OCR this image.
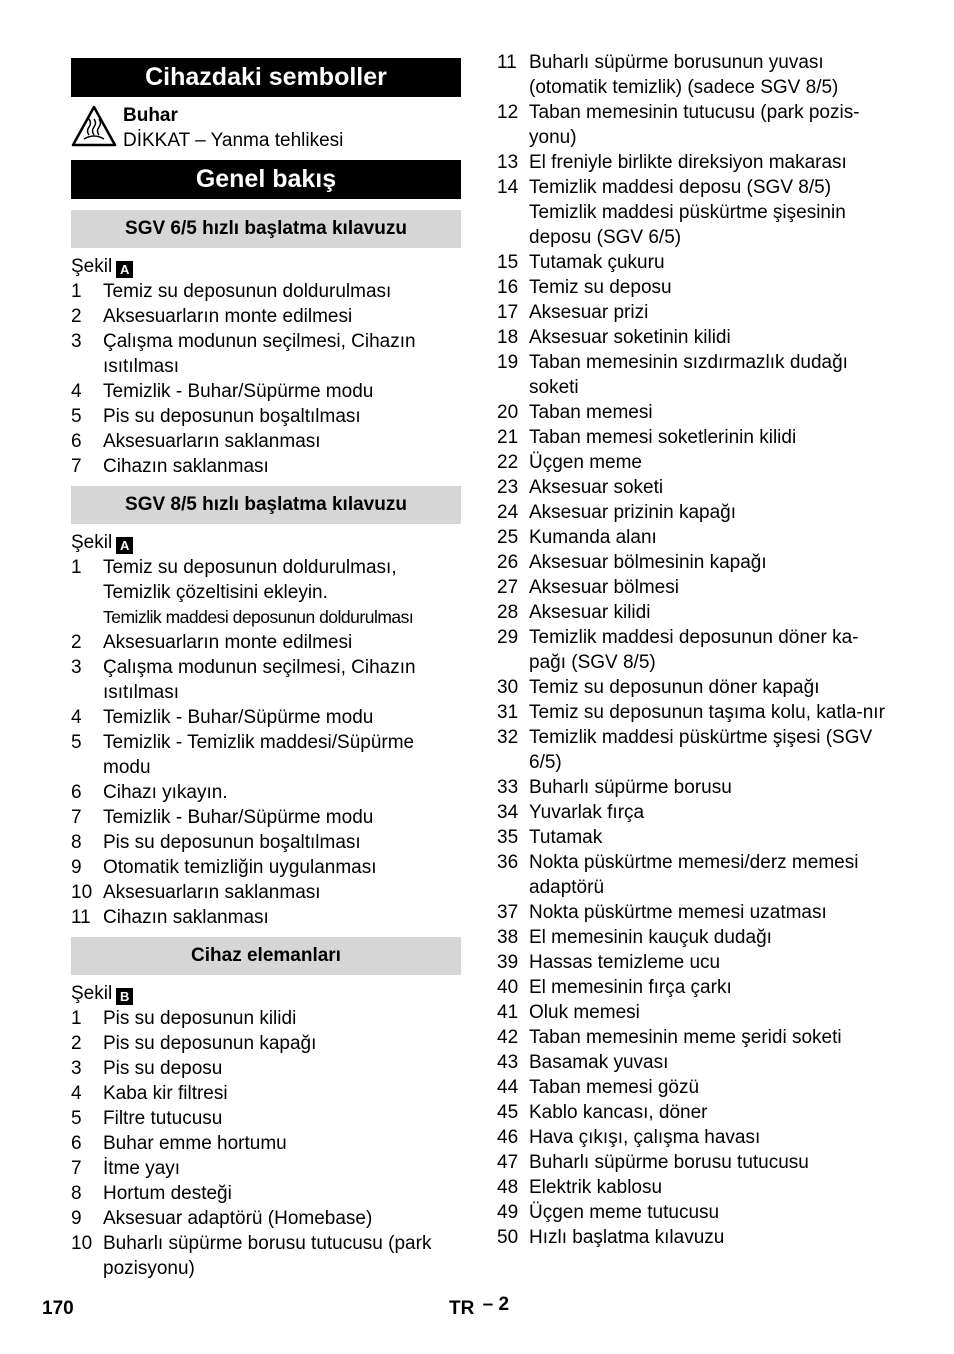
Cihazdaki semboller
Buhar
DİKKAT – Yanma tehlikesi
Genel bakış
SGV 6/5 hızlı başlatma kılavuzu
Şekil A
1	Temiz su deposunun doldurulması
2	Aksesuarların monte edilmesi
3	Çalışma modunun seçilmesi, Cihazın ısıtılması
4	Temizlik - Buhar/Süpürme modu
5	Pis su deposunun boşaltılması
6	Aksesuarların saklanması
7	Cihazın saklanması
SGV 8/5 hızlı başlatma kılavuzu
Şekil A
1	Temiz su deposunun doldurulması, Temizlik çözeltisini ekleyin.
Temizlik maddesi deposunun doldurulması
2	Aksesuarların monte edilmesi
3	Çalışma modunun seçilmesi, Cihazın ısıtılması
4	Temizlik - Buhar/Süpürme modu
5	Temizlik - Temizlik maddesi/Süpürme modu
6	Cihazı yıkayın.
7	Temizlik - Buhar/Süpürme modu
8	Pis su deposunun boşaltılması
9	Otomatik temizliğin uygulanması
10 Aksesuarların saklanması
11 Cihazın saklanması
Cihaz elemanları
Şekil B
1	Pis su deposunun kilidi
2	Pis su deposunun kapağı
3	Pis su deposu
4	Kaba kir filtresi
5	Filtre tutucusu
6	Buhar emme hortumu
7	İtme yayı
8	Hortum desteği
9	Aksesuar adaptörü (Homebase)
10 Buharlı süpürme borusu tutucusu (park pozisyonu)
11 Buharlı süpürme borusunun yuvası (otomatik temizlik) (sadece SGV 8/5)
12 Taban memesinin tutucusu (park pozis-yonu)
13 El freniyle birlikte direksiyon makarası
14 Temizlik maddesi deposu (SGV 8/5) Temizlik maddesi püskürtme şişesinin deposu (SGV 6/5)
15 Tutamak çukuru
16 Temiz su deposu
17 Aksesuar prizi
18 Aksesuar soketinin kilidi
19 Taban memesinin sızdırmazlık dudağı soketi
20 Taban memesi
21 Taban memesi soketlerinin kilidi
22 Üçgen meme
23 Aksesuar soketi
24 Aksesuar prizinin kapağı
25 Kumanda alanı
26 Aksesuar bölmesinin kapağı
27 Aksesuar bölmesi
28 Aksesuar kilidi
29 Temizlik maddesi deposunun döner ka-pağı (SGV 8/5)
30 Temiz su deposunun döner kapağı
31 Temiz su deposunun taşıma kolu, katla-nır
32 Temizlik maddesi püskürtme şişesi (SGV 6/5)
33 Buharlı süpürme borusu
34 Yuvarlak fırça
35 Tutamak
36 Nokta püskürtme memesi/derz memesi adaptörü
37 Nokta püskürtme memesi uzatması
38 El memesinin kauçuk dudağı
39 Hassas temizleme ucu
40 El memesinin fırça çarkı
41 Oluk memesi
42 Taban memesinin meme şeridi soketi
43 Basamak yuvası
44 Taban memesi gözü
45 Kablo kancası, döner
46 Hava çıkışı, çalışma havası
47 Buharlı süpürme borusu tutucusu
48 Elektrik kablosu
49 Üçgen meme tutucusu
50 Hızlı başlatma kılavuzu
170	TR – 2
